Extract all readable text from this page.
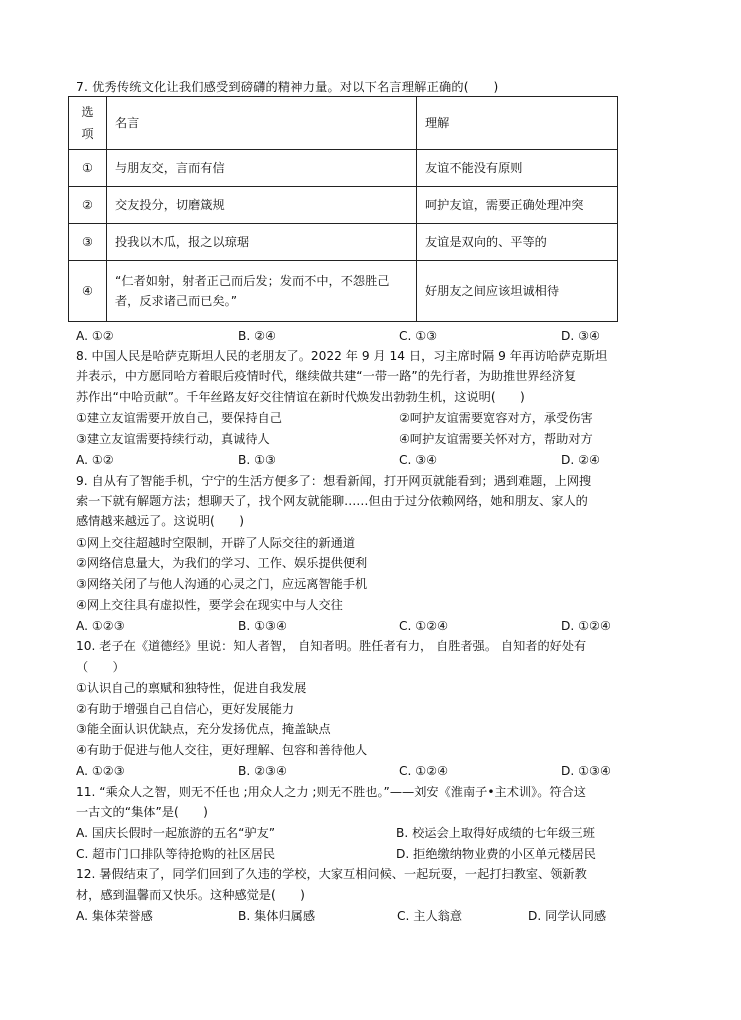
7. 优秀传统文化让我们感受到磅礴的精神力量。对以下名言理解正确的(　　)
选项	名言	理解
①	与朋友交，言而有信	友谊不能没有原则
②	交友投分，切磨箴规	呵护友谊，需要正确处理冲突
③	投我以木瓜，报之以琼琚	友谊是双向的、平等的
④	“仁者如射，射者正己而后发；发而不中，不怨胜己者，反求诸己而已矣。”	好朋友之间应该坦诚相待
A. ①②	B. ②④	C. ①③	D. ③④
8. 中国人民是哈萨克斯坦人民的老朋友了。2022 年 9 月 14 日，习主席时隔 9 年再访哈萨克斯坦
并表示，中方愿同哈方着眼后疫情时代，继续做共建“一带一路”的先行者，为助推世界经济复
苏作出“中哈贡献”。千年丝路友好交往情谊在新时代焕发出勃勃生机，这说明(　　)
①建立友谊需要开放自己，要保持自己	②呵护友谊需要宽容对方，承受伤害
③建立友谊需要持续行动，真诚待人	④呵护友谊需要关怀对方，帮助对方
A. ①②	B. ①③	C. ③④	D. ②④
9. 自从有了智能手机，宁宁的生活方便多了：想看新闻，打开网页就能看到；遇到难题，上网搜
索一下就有解题方法；想聊天了，找个网友就能聊……但由于过分依赖网络，她和朋友、家人的
感情越来越远了。这说明(　　)
①网上交往超越时空限制，开辟了人际交往的新通道
②网络信息量大，为我们的学习、工作、娱乐提供便利
③网络关闭了与他人沟通的心灵之门，应远离智能手机
④网上交往具有虚拟性，要学会在现实中与人交往
A. ①②③	B. ①③④	C. ①②④	D. ①②④
10. 老子在《道德经》里说：知人者智， 自知者明。胜任者有力， 自胜者强。 自知者的好处有
（　　）
①认识自己的禀赋和独特性，促进自我发展
②有助于增强自己自信心，更好发展能力
③能全面认识优缺点，充分发扬优点，掩盖缺点
④有助于促进与他人交往，更好理解、包容和善待他人
A. ①②③	B. ②③④	C. ①②④	D. ①③④
11. “乘众人之智，则无不任也 ;用众人之力 ;则无不胜也。”——刘安《淮南子•主术训》。符合这
一古文的“集体”是(　　)
A. 国庆长假时一起旅游的五名“驴友”	B. 校运会上取得好成绩的七年级三班
C. 超市门口排队等待抢购的社区居民	D. 拒绝缴纳物业费的小区单元楼居民
12. 暑假结束了，同学们回到了久违的学校，大家互相问候、一起玩耍，一起打扫教室、领新教
材，感到温馨而又快乐。这种感觉是(　　)
A. 集体荣誉感	B. 集体归属感	C. 主人翁意	D. 同学认同感
